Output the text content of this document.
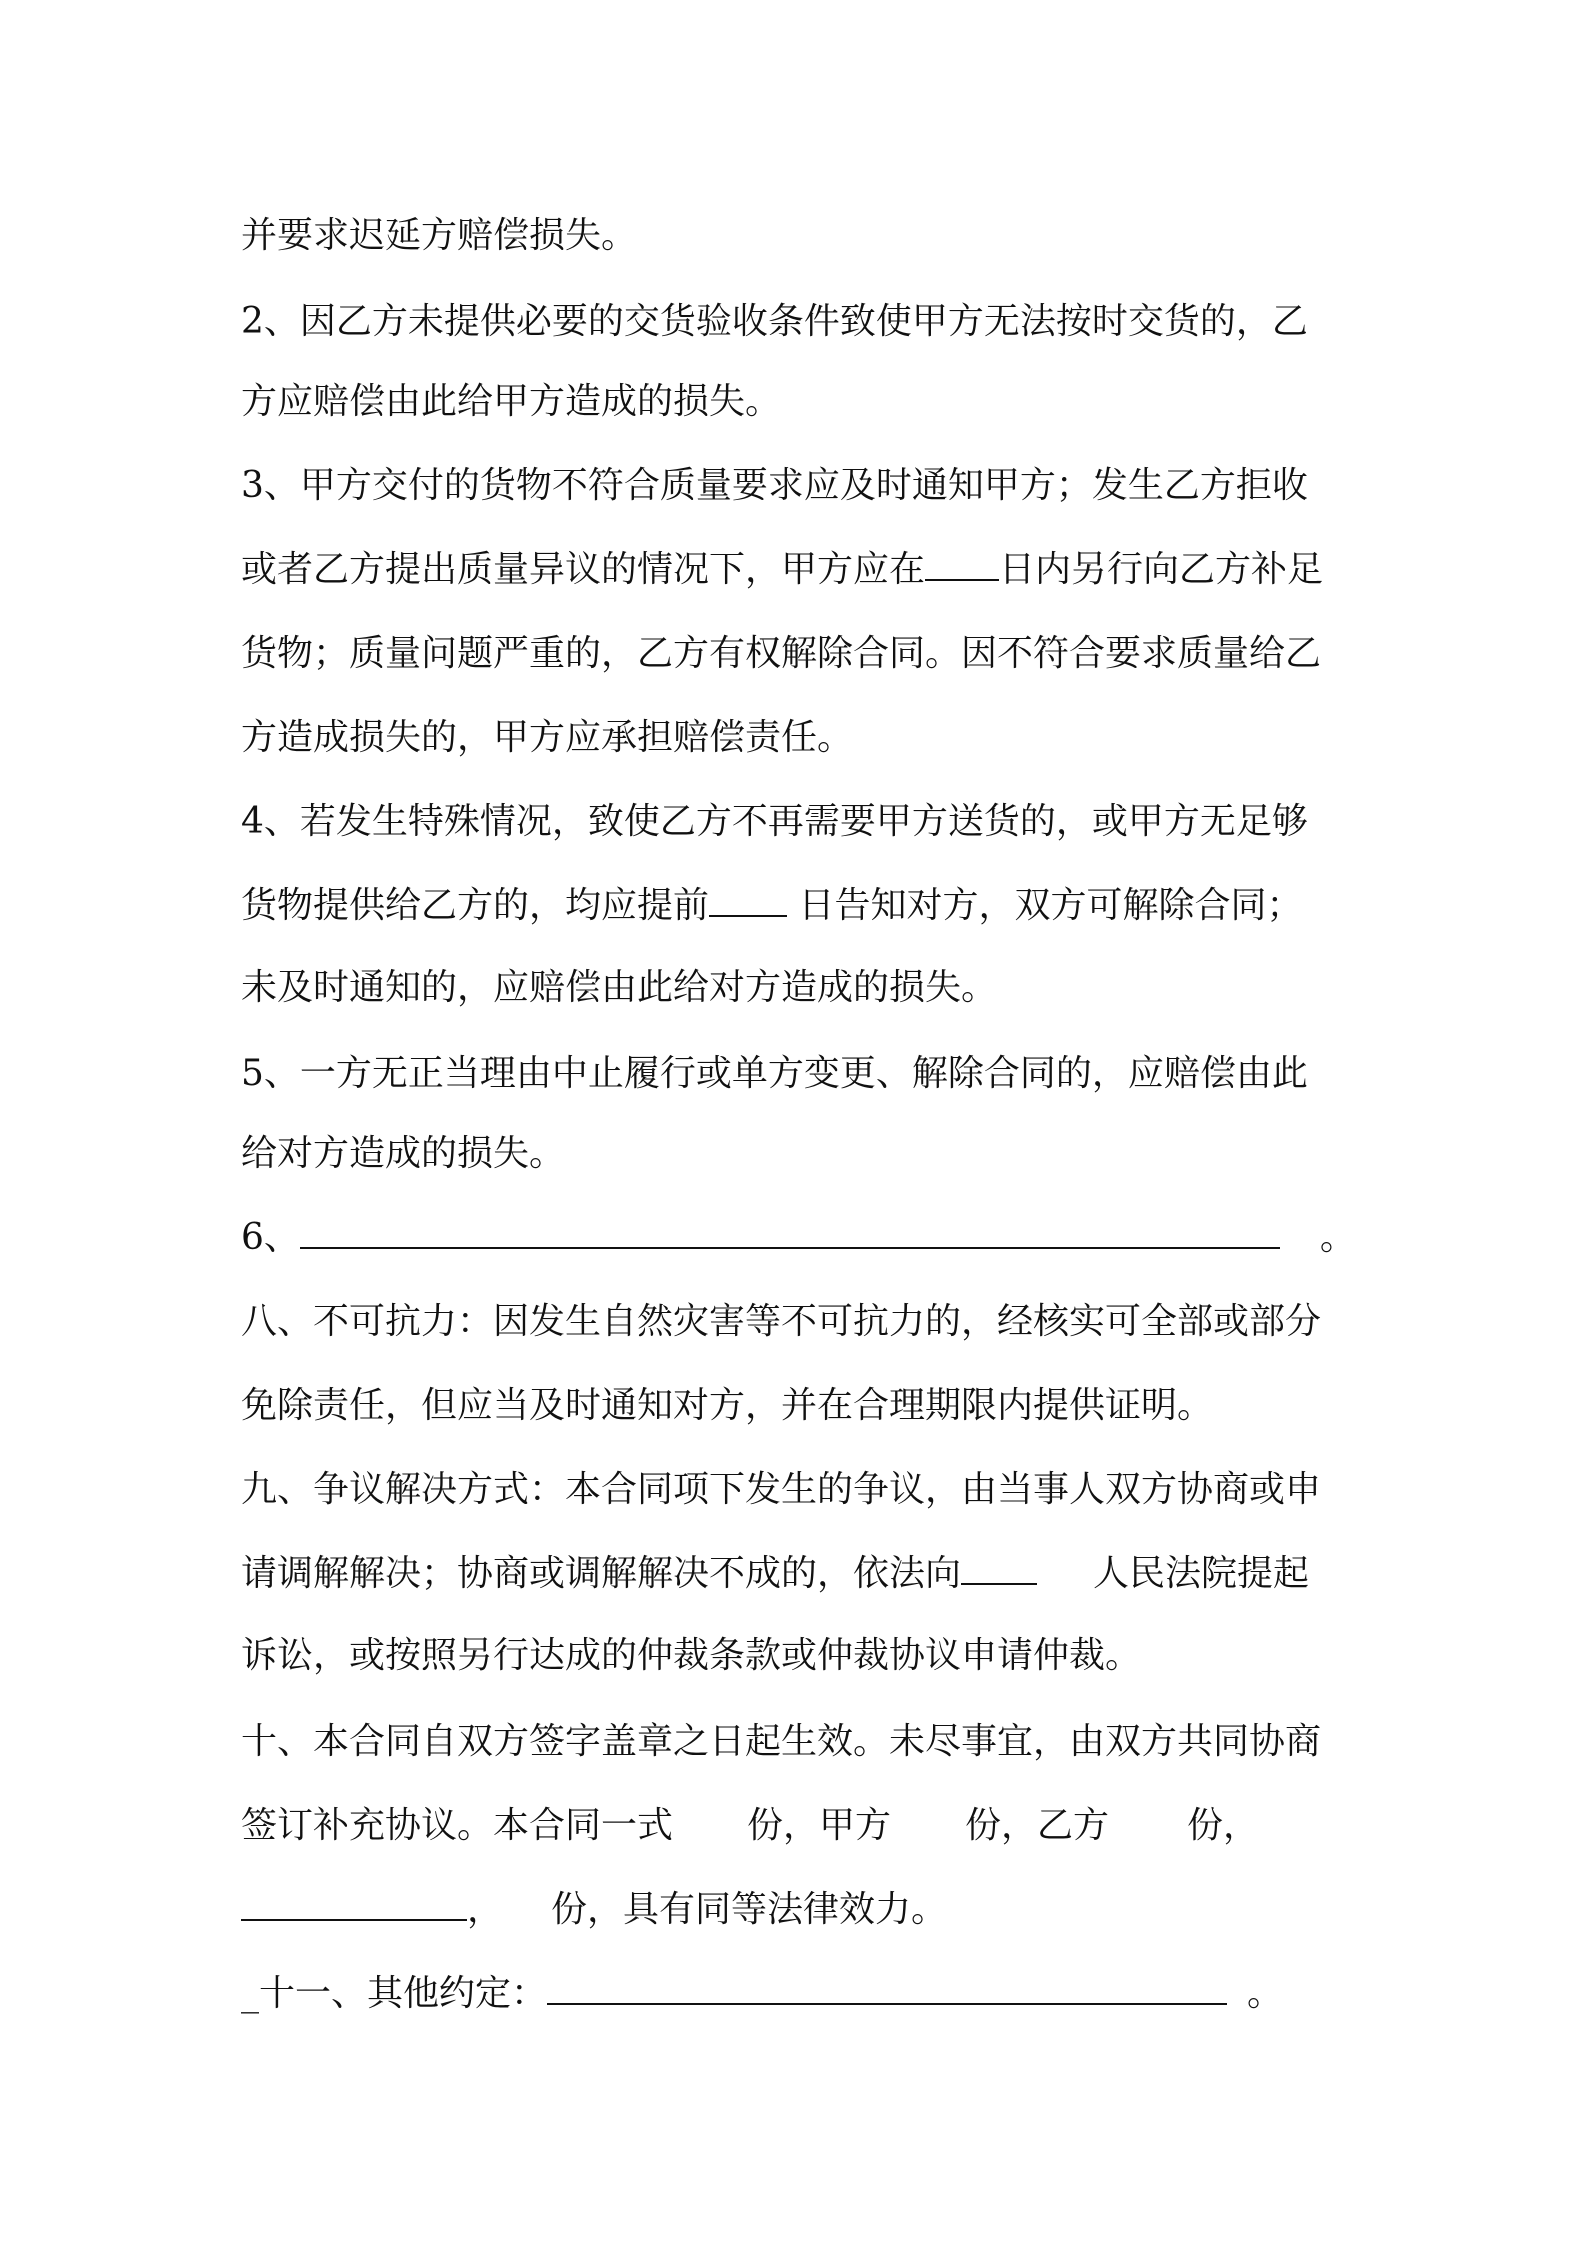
并要求迟延方赔偿损失。
2、因乙方未提供必要的交货验收条件致使甲方无法按时交货的，乙
方应赔偿由此给甲方造成的损失。
3、甲方交付的货物不符合质量要求应及时通知甲方；发生乙方拒收
或者乙方提出质量异议的情况下，甲方应在 日内另行向乙方补足
货物；质量问题严重的，乙方有权解除合同。因不符合要求质量给乙
方造成损失的，甲方应承担赔偿责任。
4、若发生特殊情况，致使乙方不再需要甲方送货的，或甲方无足够
货物提供给乙方的，均应提前 日告知对方，双方可解除合同；
未及时通知的，应赔偿由此给对方造成的损失。
5、一方无正当理由中止履行或单方变更、解除合同的，应赔偿由此
给对方造成的损失。
6、	。
八、不可抗力：因发生自然灾害等不可抗力的，经核实可全部或部分
免除责任，但应当及时通知对方，并在合理期限内提供证明。
九、争议解决方式：本合同项下发生的争议，由当事人双方协商或申
请调解解决；协商或调解解决不成的，依法向	人民法院提起
诉讼，或按照另行达成的仲裁条款或仲裁协议申请仲裁。
十、本合同自双方签字盖章之日起生效。未尽事宜，由双方共同协商
签订补充协议。本合同一式 份，甲方 份，乙方 份，
， 份，具有同等法律效力。
_十一、其他约定：	。
